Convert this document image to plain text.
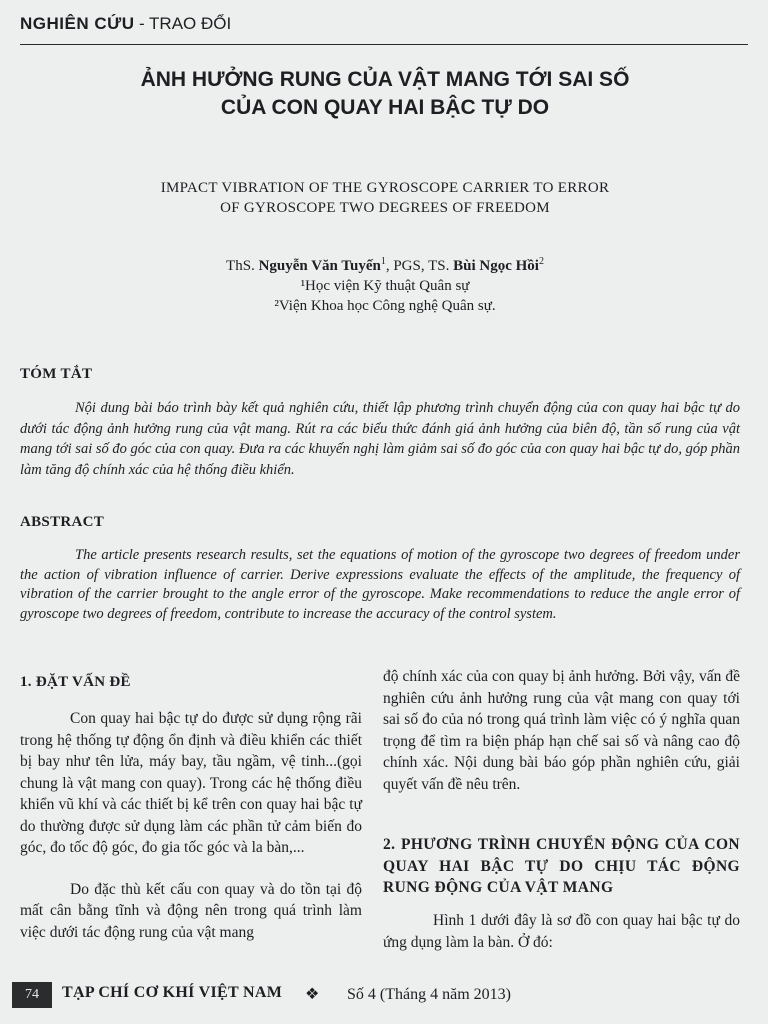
NGHIÊN CỨU - TRAO ĐỔI
ẢNH HƯỞNG RUNG CỦA VẬT MANG TỚI SAI SỐ
CỦA CON QUAY HAI BẬC TỰ DO
IMPACT VIBRATION OF THE GYROSCOPE CARRIER TO ERROR
OF GYROSCOPE TWO DEGREES OF FREEDOM
ThS. Nguyễn Văn Tuyến$^1$, PGS, TS. Bùi Ngọc Hồi$^2$
¹Học viện Kỹ thuật Quân sự
²Viện Khoa học Công nghệ Quân sự.
TÓM TẮT
Nội dung bài báo trình bày kết quả nghiên cứu, thiết lập phương trình chuyển động của con quay hai bậc tự do dưới tác động ảnh hưởng rung của vật mang. Rút ra các biểu thức đánh giá ảnh hưởng của biên độ, tần số rung của vật mang tới sai số đo góc của con quay. Đưa ra các khuyến nghị làm giảm sai số đo góc của con quay hai bậc tự do, góp phần làm tăng độ chính xác của hệ thống điều khiển.
ABSTRACT
The article presents research results, set the equations of motion of the gyroscope two degrees of freedom under the action of vibration influence of carrier. Derive expressions evaluate the effects of the amplitude, the frequency of vibration of the carrier brought to the angle error of the gyroscope. Make recommendations to reduce the angle error of gyroscope two degrees of freedom, contribute to increase the accuracy of the control system.
1. ĐẶT VẤN ĐỀ

Con quay hai bậc tự do được sử dụng rộng rãi trong hệ thống tự động ổn định và điều khiển các thiết bị bay như tên lửa, máy bay, tầu ngầm, vệ tinh...(gọi chung là vật mang con quay). Trong các hệ thống điều khiển vũ khí và các thiết bị kể trên con quay hai bậc tự do thường được sử dụng làm các phần tử cảm biến đo góc, đo tốc độ góc, đo gia tốc góc và la bàn,...

Do đặc thù kết cấu con quay và do tồn tại độ mất cân bằng tĩnh và động nên trong quá trình làm việc dưới tác động rung của vật mang

độ chính xác của con quay bị ảnh hưởng. Bởi vậy, vấn đề nghiên cứu ảnh hưởng rung của vật mang con quay tới sai số đo của nó trong quá trình làm việc có ý nghĩa quan trọng để tìm ra biện pháp hạn chế sai số và nâng cao độ chính xác. Nội dung bài báo góp phần nghiên cứu, giải quyết vấn đề nêu trên.

2. PHƯƠNG TRÌNH CHUYỂN ĐỘNG CỦA CON QUAY HAI BẬC TỰ DO CHỊU TÁC ĐỘNG RUNG ĐỘNG CỦA VẬT MANG

Hình 1 dưới đây là sơ đồ con quay hai bậc tự do ứng dụng làm la bàn. Ở đó:

74	TẠP CHÍ CƠ KHÍ VIỆT NAM ❖ Số 4 (Tháng 4 năm 2013)
